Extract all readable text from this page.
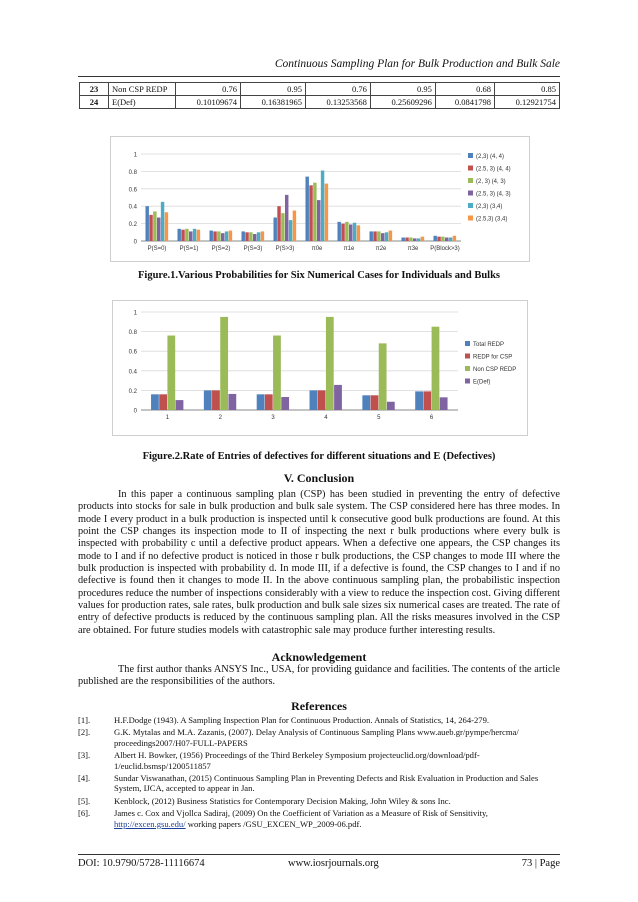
Continuous Sampling Plan for Bulk Production and Bulk Sale
23	Non CSP REDP	0.76	0.95	0.76	0.95	0.68	0.85
24	E(Def)	0.10109674	0.16381965	0.13253568	0.25609296	0.0841798	0.12921754
0
0.2
0.4
0.6
0.8
1
P(S=0) P(S=1) P(S=2) P(S=3) P(S>3)	π0e	π1e	π2e	π3e P(Block>3)
(2,3) (4, 4)
(2.5, 3) (4, 4)
(2, 3) (4, 3)
(2.5, 3) (4, 3)
(2,3) (3,4)
(2.5,3) (3,4)
Figure.1.Various Probabilities for Six Numerical Cases for Individuals and Bulks
0
0.2
0.4
0.6
0.8
1
1	2	3	4	5	6
Total REDP
REDP for CSP
Non CSP REDP
E(Def)
Figure.2.Rate of Entries of defectives for different situations and E (Defectives)
V. Conclusion
In this paper a continuous sampling plan (CSP) has been studied in preventing the entry of defective products into stocks for sale in bulk production and bulk sale system. The CSP considered here has three modes. In mode I every product in a bulk production is inspected until k consecutive good bulk productions are found. At this point the CSP changes its inspection mode to II of inspecting the next r bulk productions where every bulk is inspected with probability c until a defective product appears. When a defective one appears, the CSP changes its mode to I and if no defective product is noticed in those r bulk productions, the CSP changes to mode III where the bulk production is inspected with probability d. In mode III, if a defective is found, the CSP changes to I and if no defective is found then it changes to mode II. In the above continuous sampling plan, the probabilistic inspection procedures reduce the number of inspections considerably with a view to reduce the inspection cost. Giving different values for production rates, sale rates, bulk production and bulk sale sizes six numerical cases are treated. The rate of entry of defective products is reduced by the continuous sampling plan. All the risks measures involved in the CSP are obtained. For future studies models with catastrophic sale may produce further interesting results.
Acknowledgement
The first author thanks ANSYS Inc., USA, for providing guidance and facilities. The contents of the article published are the responsibilities of the authors.
References
[1].	H.F.Dodge (1943). A Sampling Inspection Plan for Continuous Production. Annals of Statistics, 14, 264-279.
[2].	G.K. Mytalas and M.A. Zazanis, (2007). Delay Analysis of Continuous Sampling Plans www.aueb.gr/pympe/hercma/ proceedings2007/H07-FULL-PAPERS
[3].	Albert H. Bowker, (1956) Proceedings of the Third Berkeley Symposium projecteuclid.org/download/pdf-1/euclid.bsmsp/1200511857
[4].	Sundar Viswanathan, (2015) Continuous Sampling Plan in Preventing Defects and Risk Evaluation in Production and Sales System, IJCA, accepted to appear in Jan.
[5].	Kenblock, (2012) Business Statistics for Contemporary Decision Making, John Wiley & sons Inc.
[6].	James c. Cox and Vjollca Sadiraj, (2009) On the Coefficient of Variation as a Measure of Risk of Sensitivity, http://excen.gsu.edu/ working papers /GSU_EXCEN_WP_2009-06.pdf.
DOI: 10.9790/5728-11116674	www.iosrjournals.org	73 | Page
